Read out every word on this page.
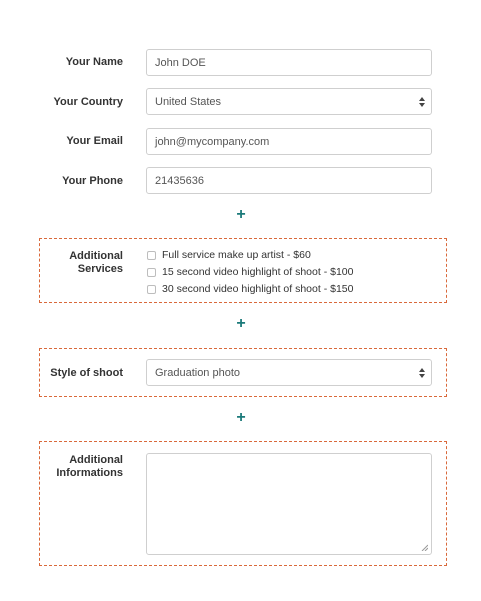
Your Name	John DOE
Your Country	United States
Your Email	john@mycompany.com
Your Phone	21435636
+
Additional
Services
Full service make up artist - $60
15 second video highlight of shoot - $100
30 second video highlight of shoot - $150
+
Style of shoot	Graduation photo
+
Additional
Informations
